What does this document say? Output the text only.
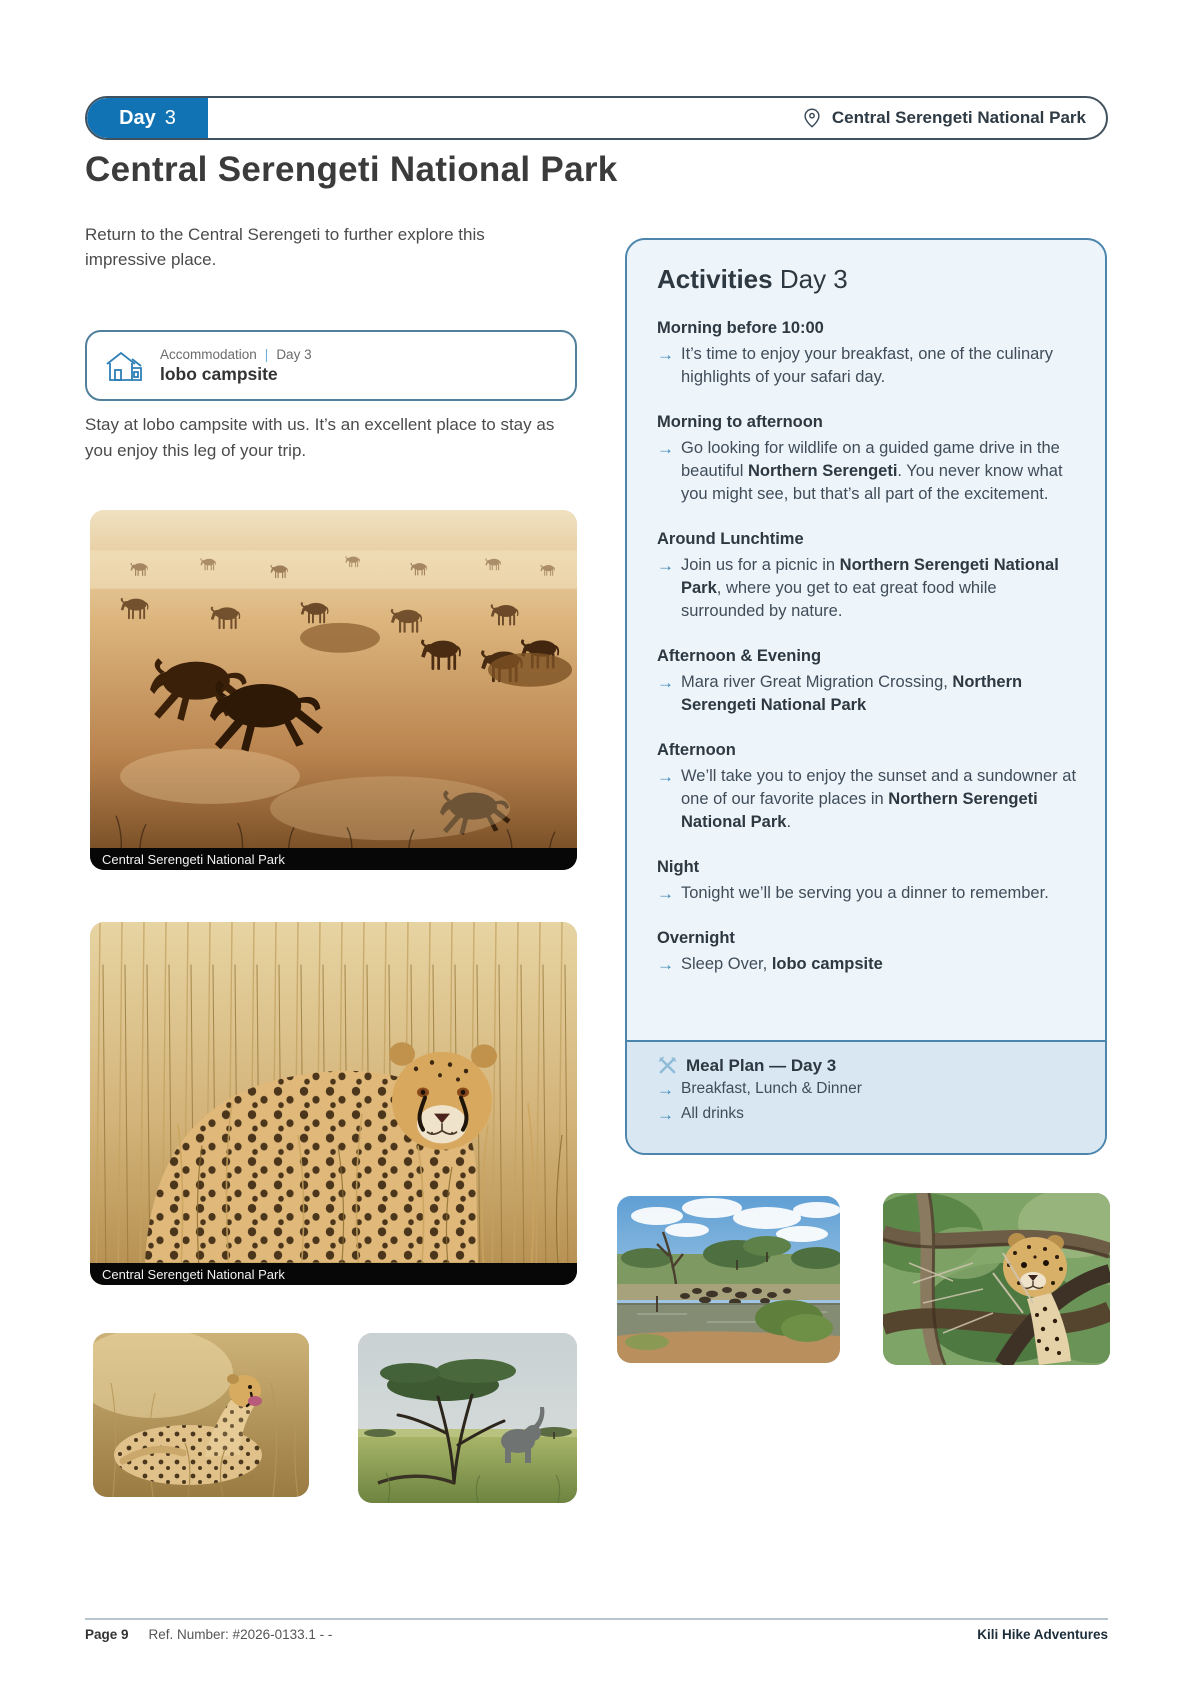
Day 3	Central Serengeti National Park
Central Serengeti National Park
Return to the Central Serengeti to further explore this impressive place.
Accommodation | Day 3
lobo campsite
Stay at lobo campsite with us. It’s an excellent place to stay as you enjoy this leg of your trip.
Central Serengeti National Park
Central Serengeti National Park
Activities Day 3
Morning before 10:00
→ It’s time to enjoy your breakfast, one of the culinary highlights of your safari day.
Morning to afternoon
→ Go looking for wildlife on a guided game drive in the beautiful Northern Serengeti. You never know what you might see, but that’s all part of the excitement.
Around Lunchtime
→ Join us for a picnic in Northern Serengeti National Park, where you get to eat great food while surrounded by nature.
Afternoon & Evening
→ Mara river Great Migration Crossing, Northern Serengeti National Park
Afternoon
→ We’ll take you to enjoy the sunset and a sundowner at one of our favorite places in Northern Serengeti National Park.
Night
→ Tonight we’ll be serving you a dinner to remember.
Overnight
→ Sleep Over, lobo campsite
Meal Plan — Day 3
→ Breakfast, Lunch & Dinner
→ All drinks
Page 9 Ref. Number: #2026-0133.1 - -	Kili Hike Adventures
